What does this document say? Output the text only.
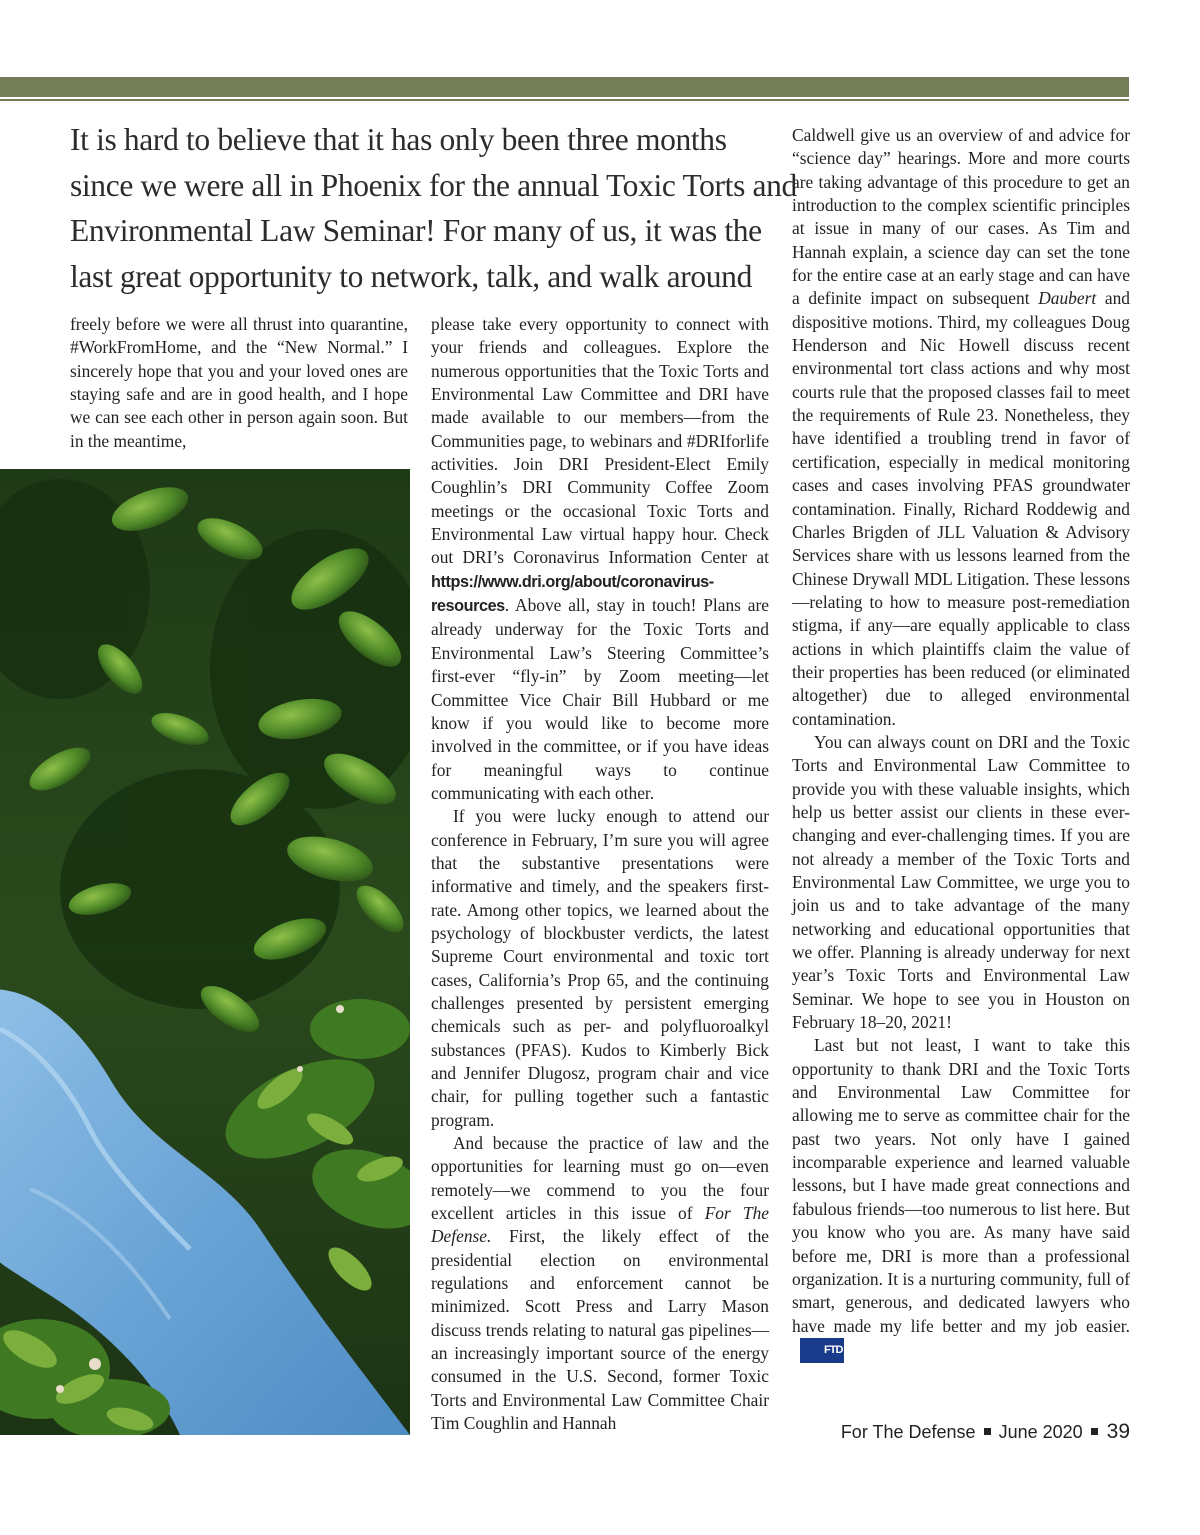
It is hard to believe that it has only been three months
since we were all in Phoenix for the annual Toxic Torts and
Environmental Law Seminar! For many of us, it was the
last great opportunity to network, talk, and walk around

freely before we were all thrust into quarantine, #WorkFromHome, and the “New Normal.” I sincerely hope that you and your loved ones are staying safe and are in good health, and I hope we can see each other in person again soon. But in the meantime,

please take every opportunity to connect with your friends and colleagues. Explore the numerous opportunities that the Toxic Torts and Environmental Law Committee and DRI have made available to our members—from the Communities page, to webinars and #DRIforlife activities. Join DRI President-Elect Emily Coughlin’s DRI Community Coffee Zoom meetings or the occasional Toxic Torts and Environmental Law virtual happy hour. Check out DRI’s Coronavirus Information Center at https://www.dri.org/about/coronavirus-resources. Above all, stay in touch! Plans are already underway for the Toxic Torts and Environmental Law’s Steering Committee’s first-ever “fly-in” by Zoom meeting—let Committee Vice Chair Bill Hubbard or me know if you would like to become more involved in the committee, or if you have ideas for meaningful ways to continue communicating with each other.

If you were lucky enough to attend our conference in February, I’m sure you will agree that the substantive presentations were informative and timely, and the speakers first-rate. Among other topics, we learned about the psychology of blockbuster verdicts, the latest Supreme Court environmental and toxic tort cases, California’s Prop 65, and the continuing challenges presented by persistent emerging chemicals such as per- and polyfluoroalkyl substances (PFAS). Kudos to Kimberly Bick and Jennifer Dlugosz, program chair and vice chair, for pulling together such a fantastic program.

And because the practice of law and the opportunities for learning must go on—even remotely—we commend to you the four excellent articles in this issue of For The Defense. First, the likely effect of the presidential election on environmental regulations and enforcement cannot be minimized. Scott Press and Larry Mason discuss trends relating to natural gas pipelines—an increasingly important source of the energy consumed in the U.S. Second, former Toxic Torts and Environmental Law Committee Chair Tim Coughlin and Hannah

Caldwell give us an overview of and advice for “science day” hearings. More and more courts are taking advantage of this procedure to get an introduction to the complex scientific principles at issue in many of our cases. As Tim and Hannah explain, a science day can set the tone for the entire case at an early stage and can have a definite impact on subsequent Daubert and dispositive motions. Third, my colleagues Doug Henderson and Nic Howell discuss recent environmental tort class actions and why most courts rule that the proposed classes fail to meet the requirements of Rule 23. Nonetheless, they have identified a troubling trend in favor of certification, especially in medical monitoring cases and cases involving PFAS groundwater contamination. Finally, Richard Roddewig and Charles Brigden of JLL Valuation & Advisory Services share with us lessons learned from the Chinese Drywall MDL Litigation. These lessons—relating to how to measure post-remediation stigma, if any—are equally applicable to class actions in which plaintiffs claim the value of their properties has been reduced (or eliminated altogether) due to alleged environmental contamination.

You can always count on DRI and the Toxic Torts and Environmental Law Committee to provide you with these valuable insights, which help us better assist our clients in these ever-changing and ever-challenging times. If you are not already a member of the Toxic Torts and Environmental Law Committee, we urge you to join us and to take advantage of the many networking and educational opportunities that we offer. Planning is already underway for next year’s Toxic Torts and Environmental Law Seminar. We hope to see you in Houston on February 18–20, 2021!

Last but not least, I want to take this opportunity to thank DRI and the Toxic Torts and Environmental Law Committee for allowing me to serve as committee chair for the past two years. Not only have I gained incomparable experience and learned valuable lessons, but I have made great connections and fabulous friends—too numerous to list here. But you know who you are. As many have said before me, DRI is more than a professional organization. It is a nurturing community, full of smart, generous, and dedicated lawyers who have made my life better and my job easier.FTD

For The Defense June 2020 39
